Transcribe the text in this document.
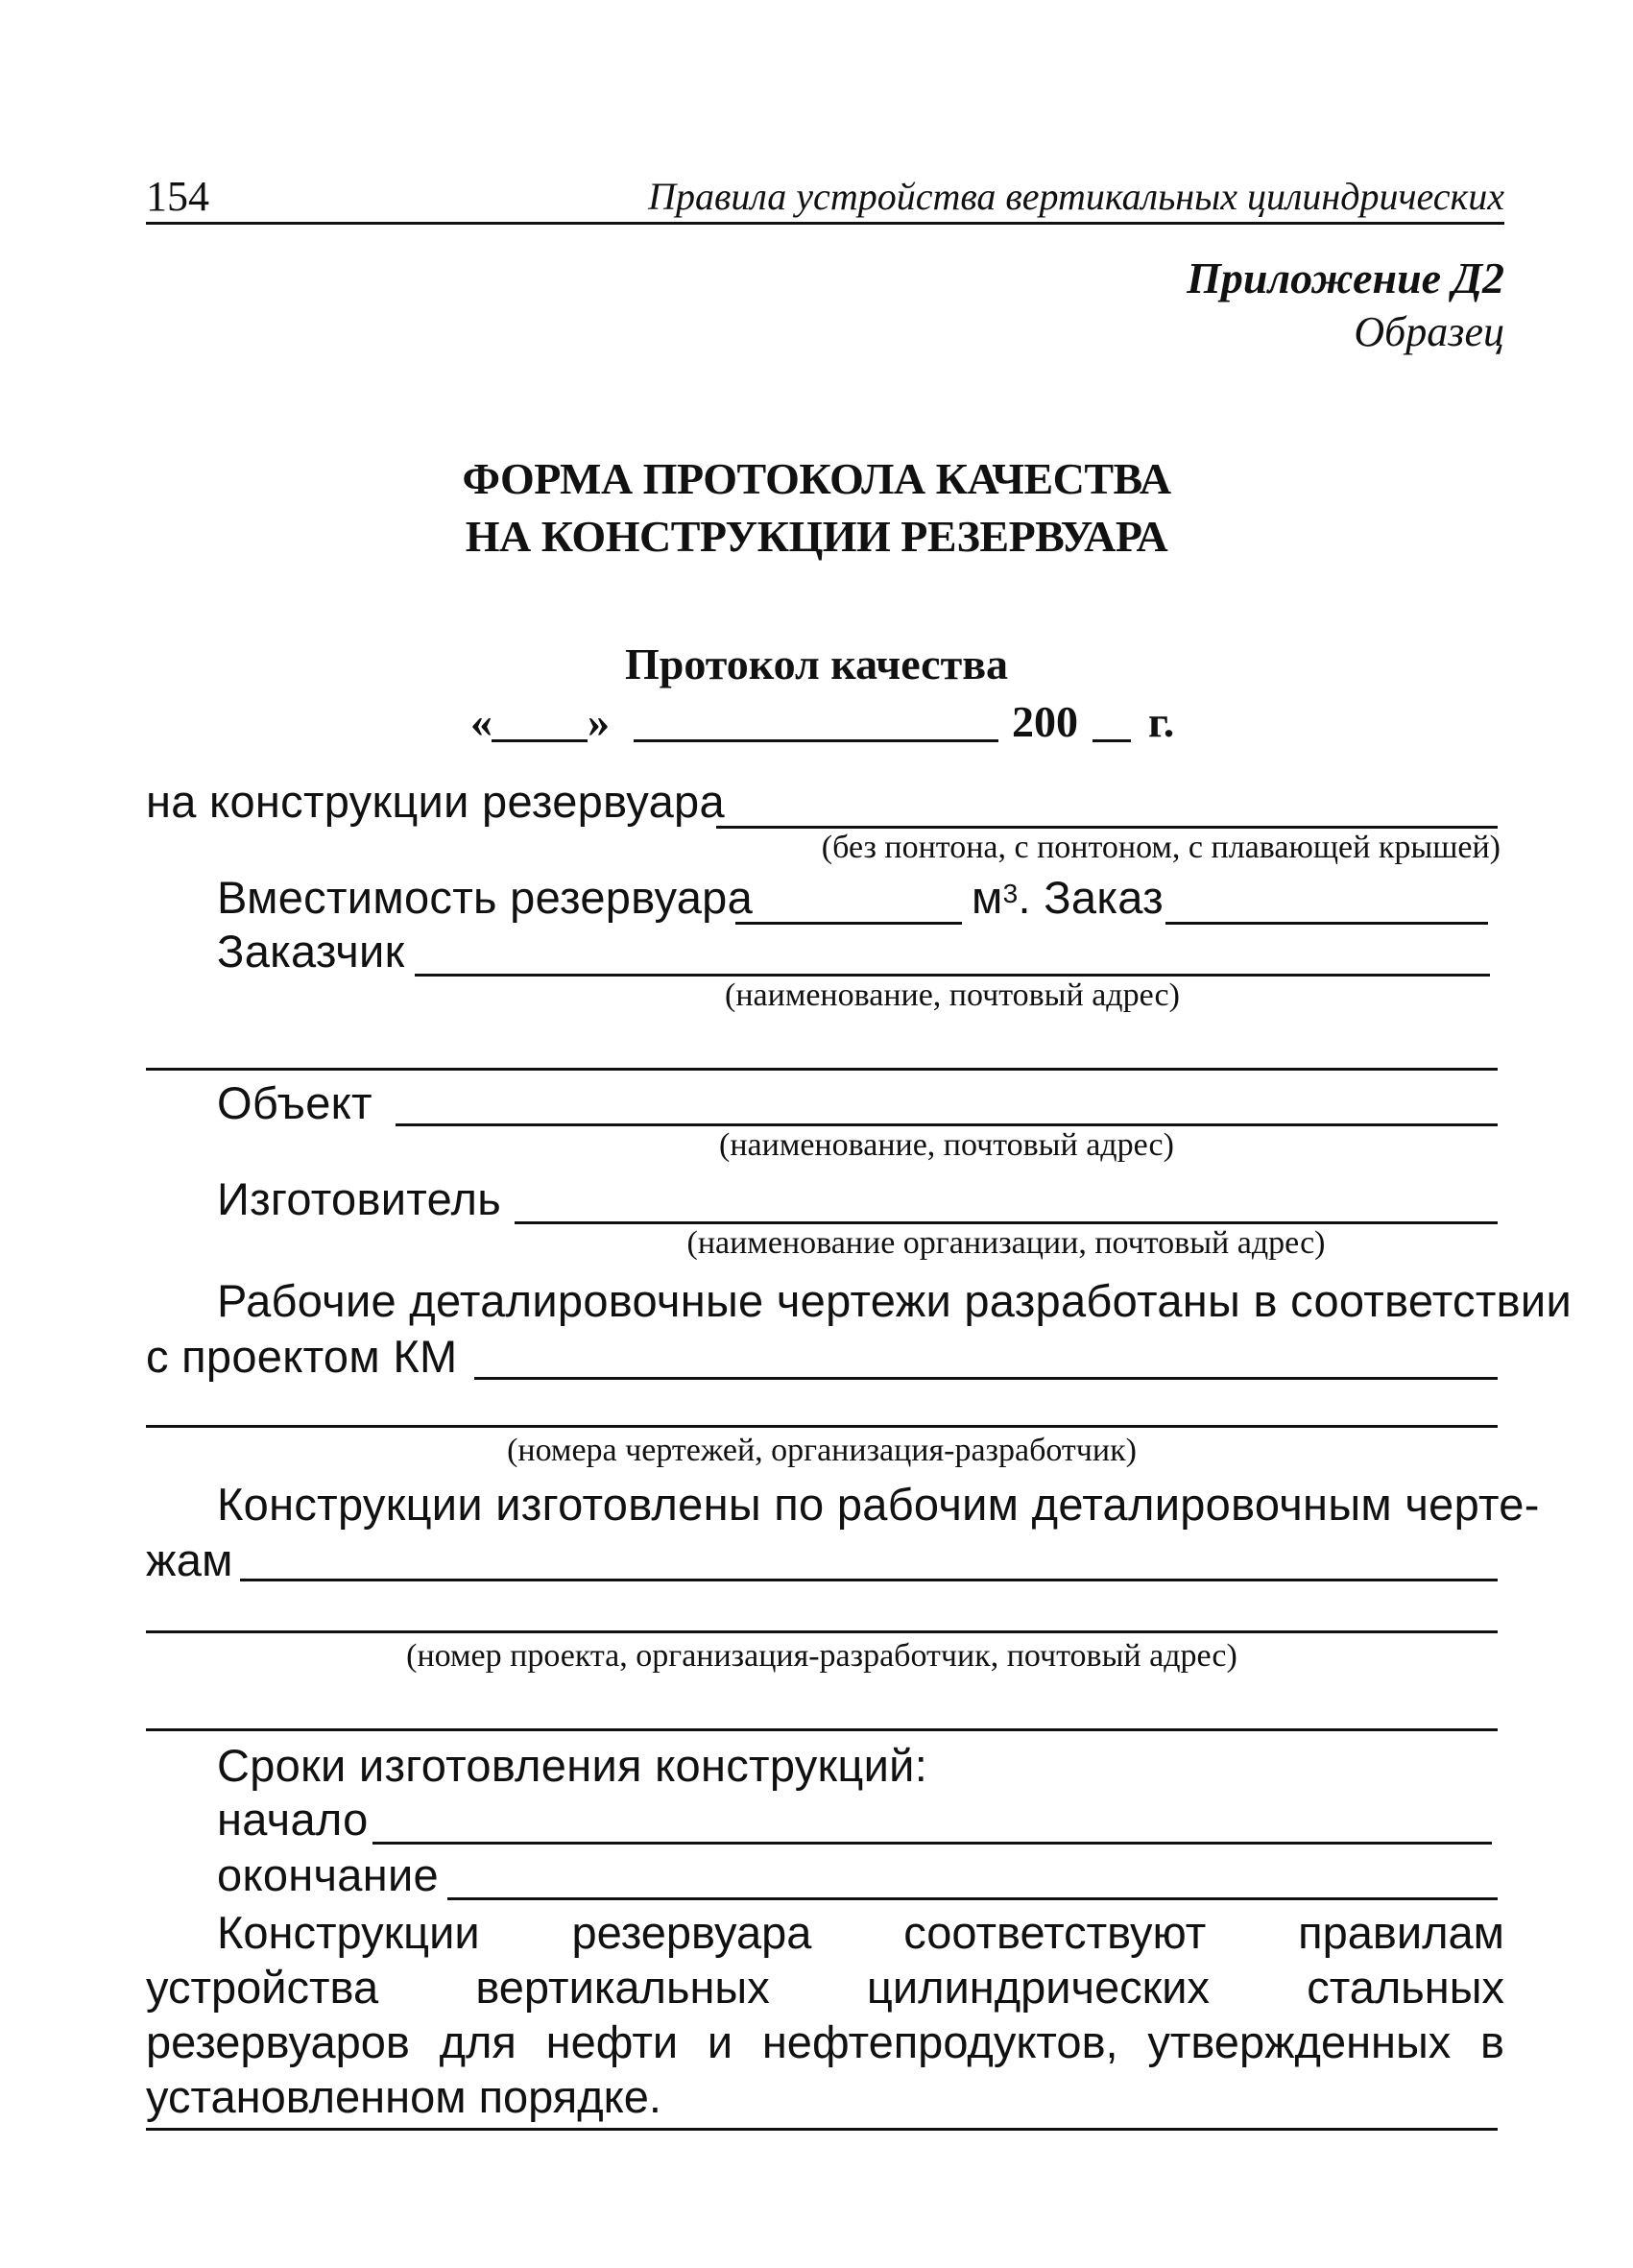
154	Правила устройства вертикальных цилиндрических
Приложение Д2
Образец
ФОРМА ПРОТОКОЛА КАЧЕСТВА
НА КОНСТРУКЦИИ РЕЗЕРВУАРА
Протокол качества
« »	200 г.
на конструкции резервуара
(без понтона, с понтоном, с плавающей крышей)
Вместимость резервуара	$м^3$. Заказ
Заказчик
(наименование, почтовый адрес)
Объект
(наименование, почтовый адрес)
Изготовитель
(наименование организации, почтовый адрес)
Рабочие деталировочные чертежи разработаны в соответствии
с проектом КМ
(номера чертежей, организация-разработчик)
Конструкции изготовлены по рабочим деталировочным черте-
жам
(номер проекта, организация-разработчик, почтовый адрес)
Сроки изготовления конструкций:
начало
окончание
Конструкции резервуара соответствуют правилам устройства вертикальных цилиндрических стальных резервуаров для нефти и нефтепродуктов, утвержденных в установленном порядке.
